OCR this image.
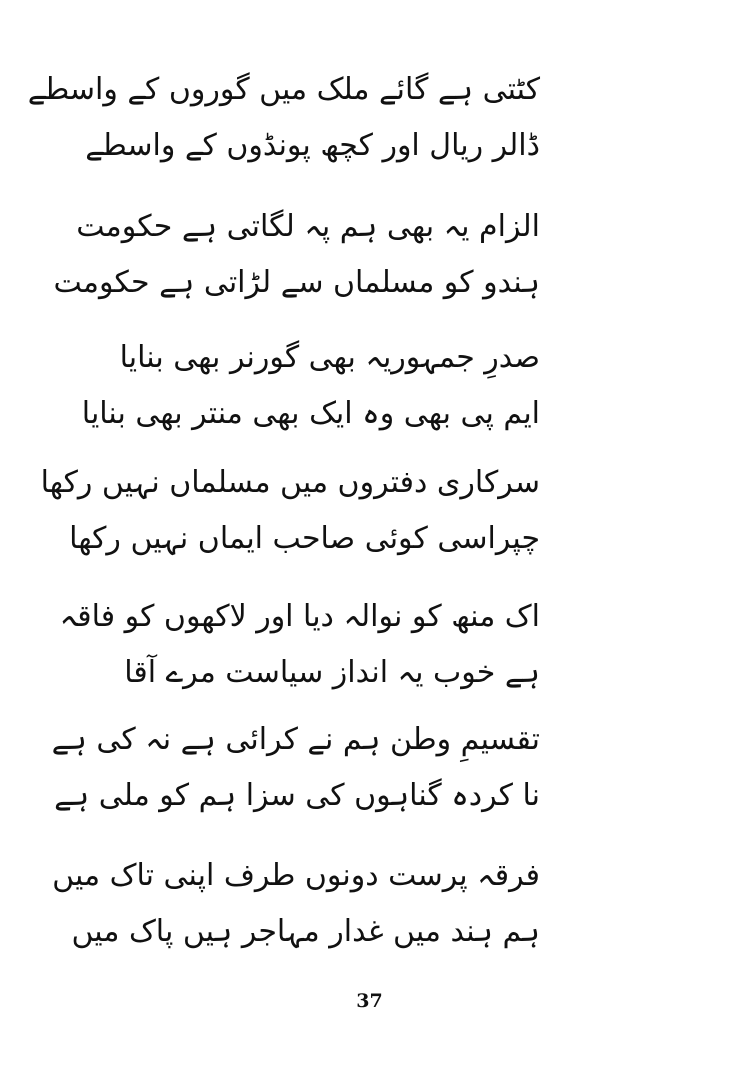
کٹتی ہے گائے ملک میں گوروں کے واسطے
ڈالر ریال اور کچھ پونڈوں کے واسطے
الزام یہ بھی ہم پہ لگاتی ہے حکومت
ہندو کو مسلماں سے لڑاتی ہے حکومت
صدرِ جمہوریہ بھی گورنر بھی بنایا
ایم پی بھی وہ ایک بھی منتر بھی بنایا
سرکاری دفتروں میں مسلماں نہیں رکھا
چپراسی کوئی صاحب ایماں نہیں رکھا
اک منھ کو نوالہ دیا اور لاکھوں کو فاقہ
ہے خوب یہ انداز سیاست مرے آقا
تقسیمِ وطن ہم نے کرائی ہے نہ کی ہے
نا کردہ گناہوں کی سزا ہم کو ملی ہے
فرقہ پرست دونوں طرف اپنی تاک میں
ہم ہند میں غدار مہاجر ہیں پاک میں
37
